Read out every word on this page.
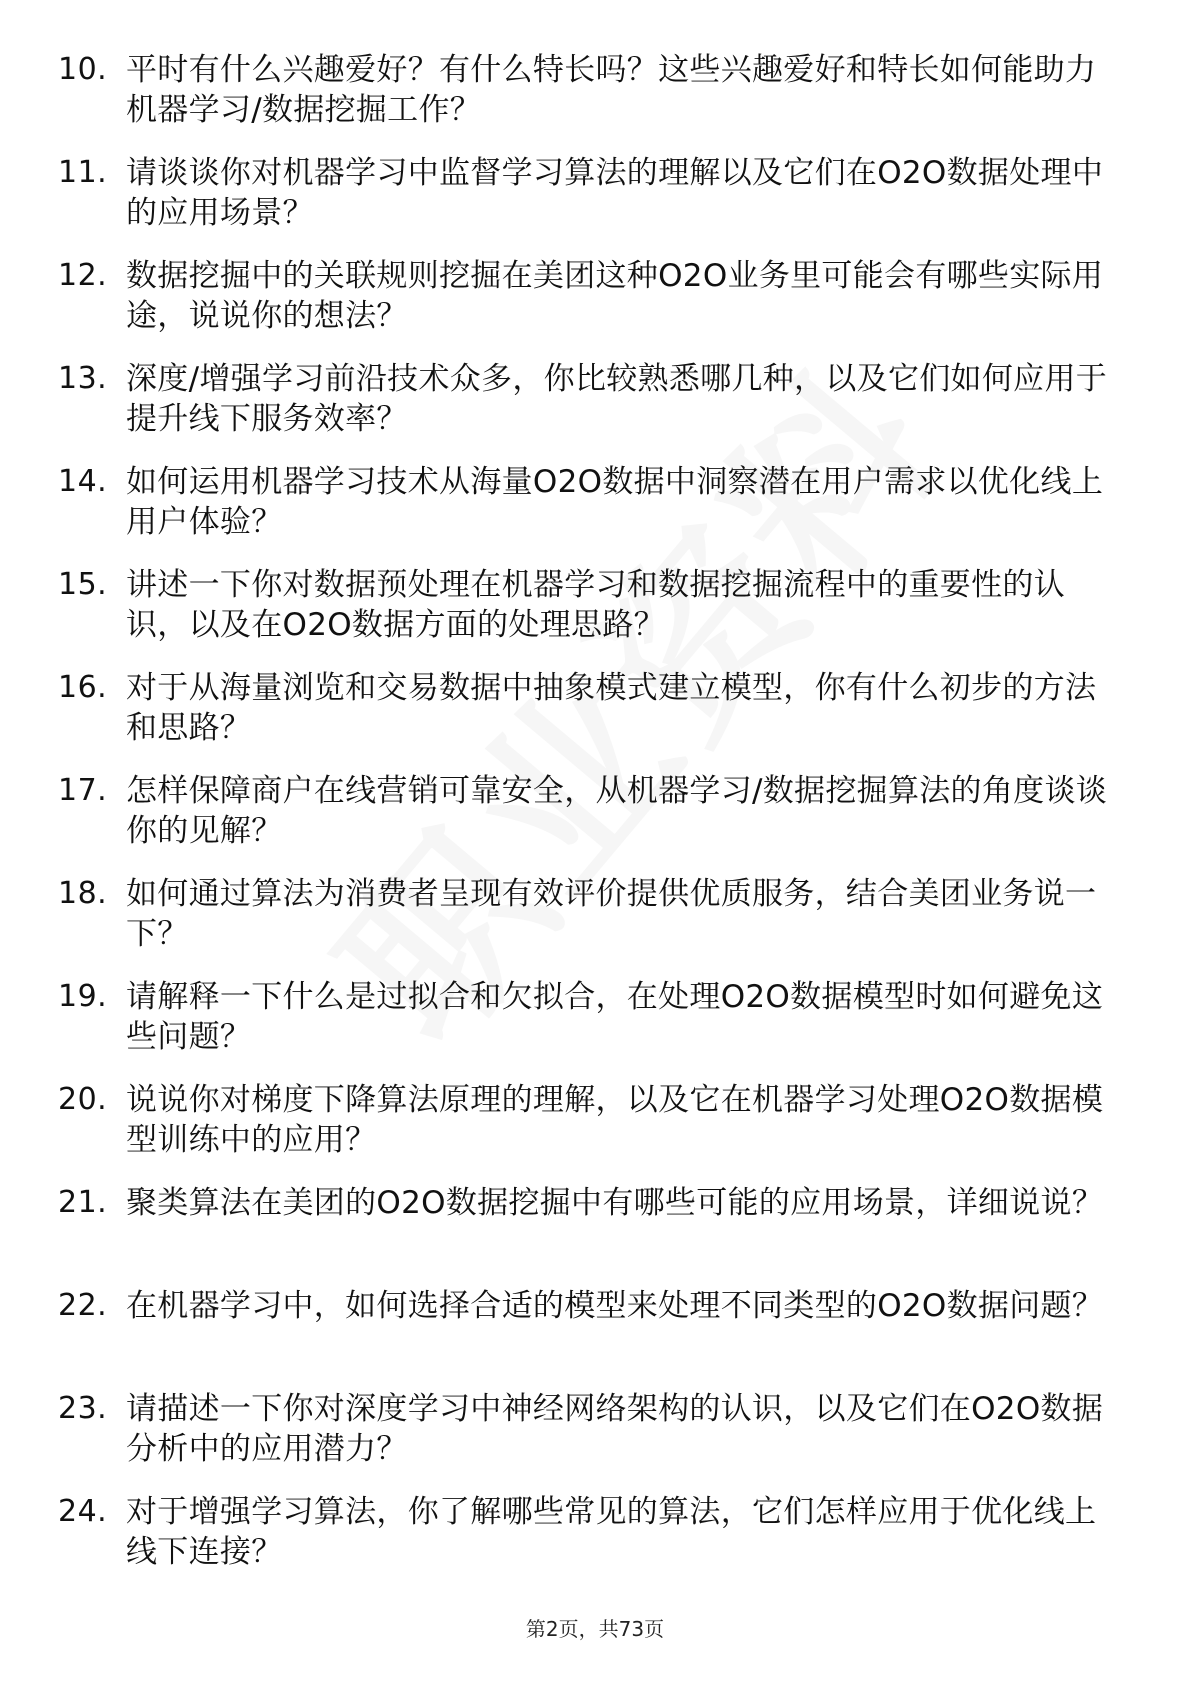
10. 平时有什么兴趣爱好？有什么特长吗？这些兴趣爱好和特长如何能助力机器学习/数据挖掘工作？
11. 请谈谈你对机器学习中监督学习算法的理解以及它们在O2O数据处理中的应用场景？
12. 数据挖掘中的关联规则挖掘在美团这种O2O业务里可能会有哪些实际用途，说说你的想法？
13. 深度/增强学习前沿技术众多，你比较熟悉哪几种，以及它们如何应用于提升线下服务效率？
14. 如何运用机器学习技术从海量O2O数据中洞察潜在用户需求以优化线上用户体验？
15. 讲述一下你对数据预处理在机器学习和数据挖掘流程中的重要性的认识，以及在O2O数据方面的处理思路？
16. 对于从海量浏览和交易数据中抽象模式建立模型，你有什么初步的方法和思路？
17. 怎样保障商户在线营销可靠安全，从机器学习/数据挖掘算法的角度谈谈你的见解？
18. 如何通过算法为消费者呈现有效评价提供优质服务，结合美团业务说一下？
19. 请解释一下什么是过拟合和欠拟合，在处理O2O数据模型时如何避免这些问题？
20. 说说你对梯度下降算法原理的理解，以及它在机器学习处理O2O数据模型训练中的应用？
21. 聚类算法在美团的O2O数据挖掘中有哪些可能的应用场景，详细说说？
22. 在机器学习中，如何选择合适的模型来处理不同类型的O2O数据问题？
23. 请描述一下你对深度学习中神经网络架构的认识，以及它们在O2O数据分析中的应用潜力？
24. 对于增强学习算法，你了解哪些常见的算法，它们怎样应用于优化线上线下连接？
第2页，共73页
